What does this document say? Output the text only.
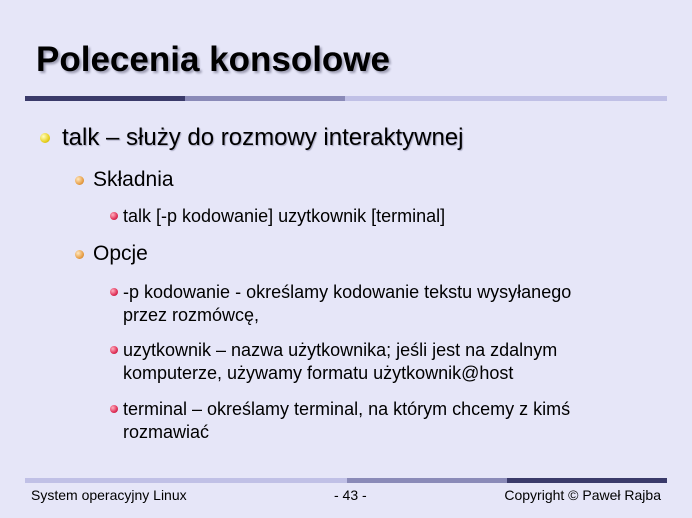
Polecenia konsolowe
talk – służy do rozmowy interaktywnej
Składnia
talk [-p kodowanie] uzytkownik [terminal]
Opcje
-p kodowanie - określamy kodowanie tekstu wysyłanego
przez rozmówcę,
uzytkownik – nazwa użytkownika; jeśli jest na zdalnym
komputerze, używamy formatu użytkownik@host
terminal – określamy terminal, na którym chcemy z kimś
rozmawiać
System operacyjny Linux	- 43 -	Copyright © Paweł Rajba
